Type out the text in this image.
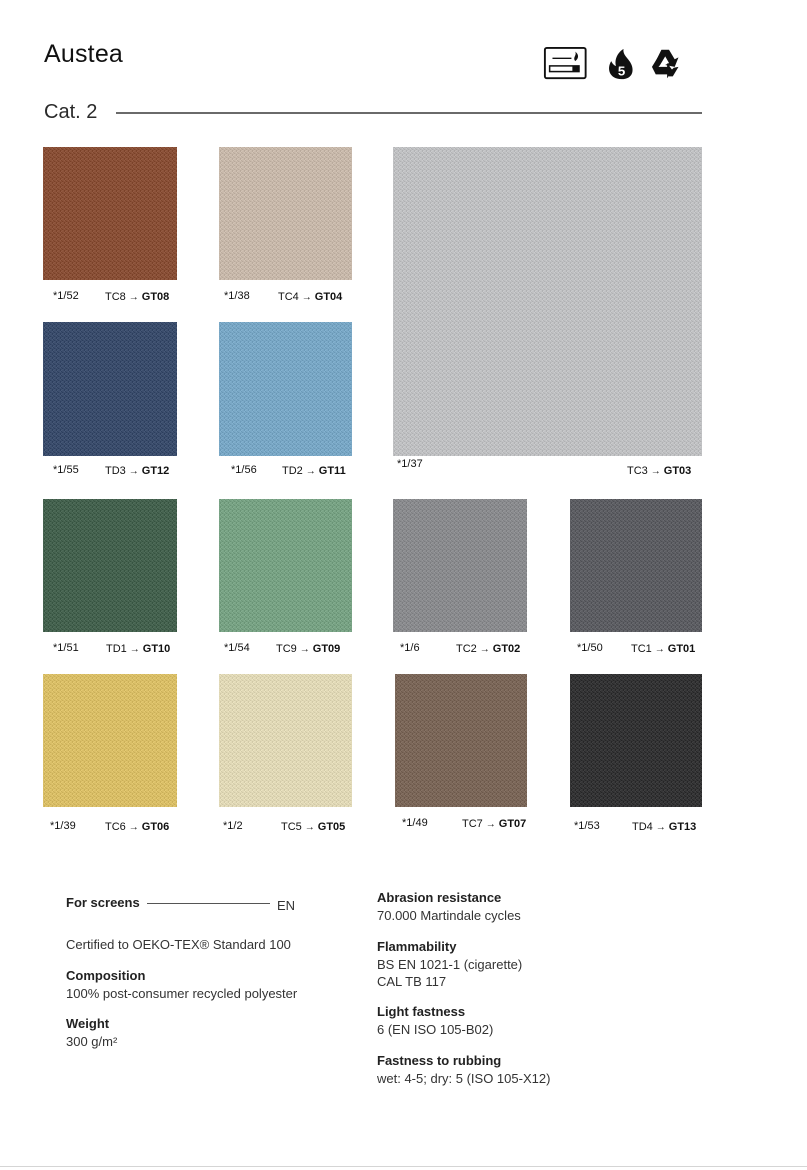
Austea
5
Cat. 2
*1/52 TC8 → GT08	*1/38	TC4 → GT04
*1/37
TC3 → GT03
*1/55 TD3 → GT12	*1/56 TD2 → GT11
*1/51 TD1 → GT10	*1/54 TC9 → GT09	*1/6	TC2 → GT02	*1/50	TC1 → GT01
*1/39	TC6 → GT06	*1/2	TC5 → GT05	*1/49	TC7 → GT07	*1/53	TD4 → GT13
For screens	EN
Certified to OEKO-TEX® Standard 100
Composition
100% post-consumer recycled polyester
Weight
300 g/m²
Abrasion resistance
70.000 Martindale cycles
Flammability
BS EN 1021-1 (cigarette)
CAL TB 117
Light fastness
6 (EN ISO 105-B02)
Fastness to rubbing
wet: 4-5; dry: 5 (ISO 105-X12)
